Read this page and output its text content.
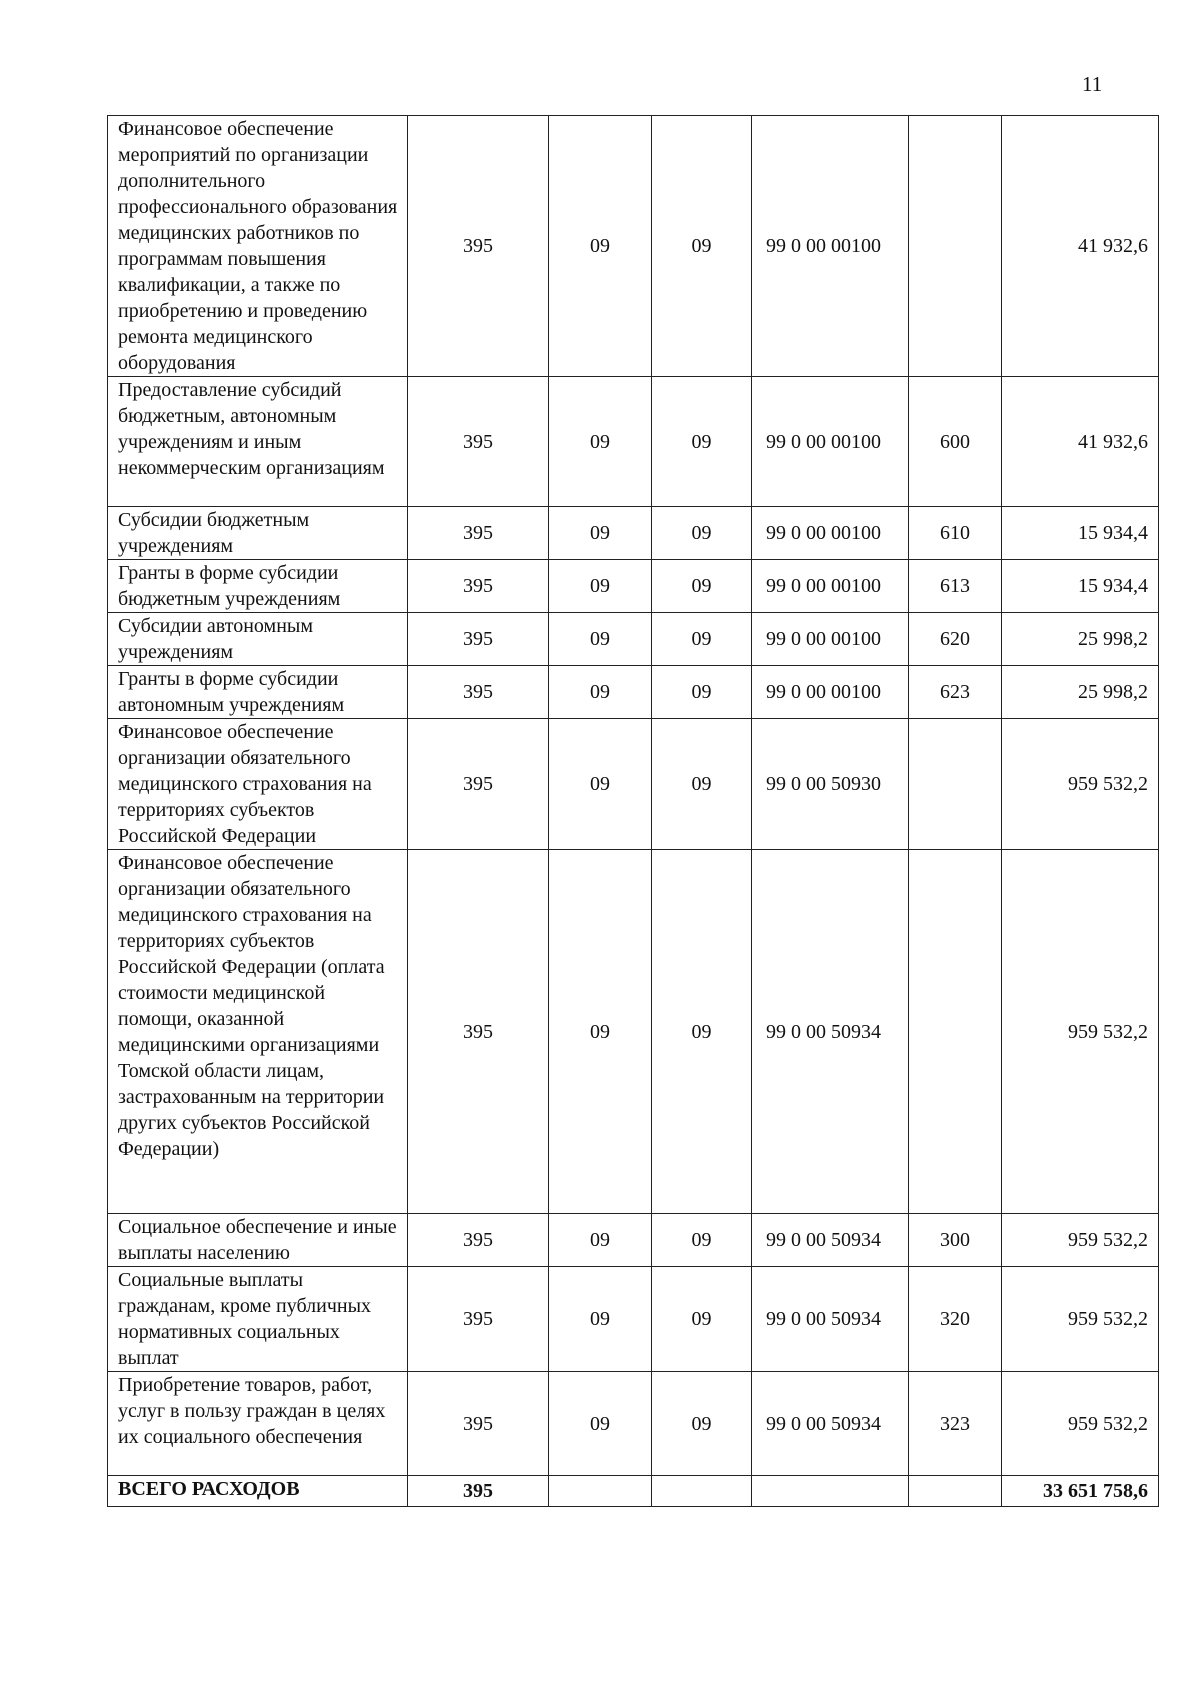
11
Финансовое обеспечение мероприятий по организации дополнительного профессионального образования медицинских работников по программам повышения квалификации, а также по приобретению и проведению ремонта медицинского оборудования	395	09	09	99 0 00 00100		41 932,6

Предоставление субсидий бюджетным, автономным учреждениям и иным некоммерческим организациям	395	09	09	99 0 00 00100	600	41 932,6

Субсидии бюджетным учреждениям	395	09	09	99 0 00 00100	610	15 934,4

Гранты в форме субсидии бюджетным учреждениям	395	09	09	99 0 00 00100	613	15 934,4

Субсидии автономным учреждениям	395	09	09	99 0 00 00100	620	25 998,2

Гранты в форме субсидии автономным учреждениям	395	09	09	99 0 00 00100	623	25 998,2

Финансовое обеспечение организации обязательного медицинского страхования на территориях субъектов Российской Федерации	395	09	09	99 0 00 50930		959 532,2

Финансовое обеспечение организации обязательного медицинского страхования на территориях субъектов Российской Федерации (оплата стоимости медицинской помощи, оказанной медицинскими организациями Томской области лицам, застрахованным на территории других субъектов Российской Федерации)	395	09	09	99 0 00 50934		959 532,2

Социальное обеспечение и иные выплаты населению	395	09	09	99 0 00 50934	300	959 532,2

Социальные выплаты гражданам, кроме публичных нормативных социальных выплат	395	09	09	99 0 00 50934	320	959 532,2

Приобретение товаров, работ, услуг в пользу граждан в целях их социального обеспечения	395	09	09	99 0 00 50934	323	959 532,2
ВСЕГО РАСХОДОВ	395					33 651 758,6
